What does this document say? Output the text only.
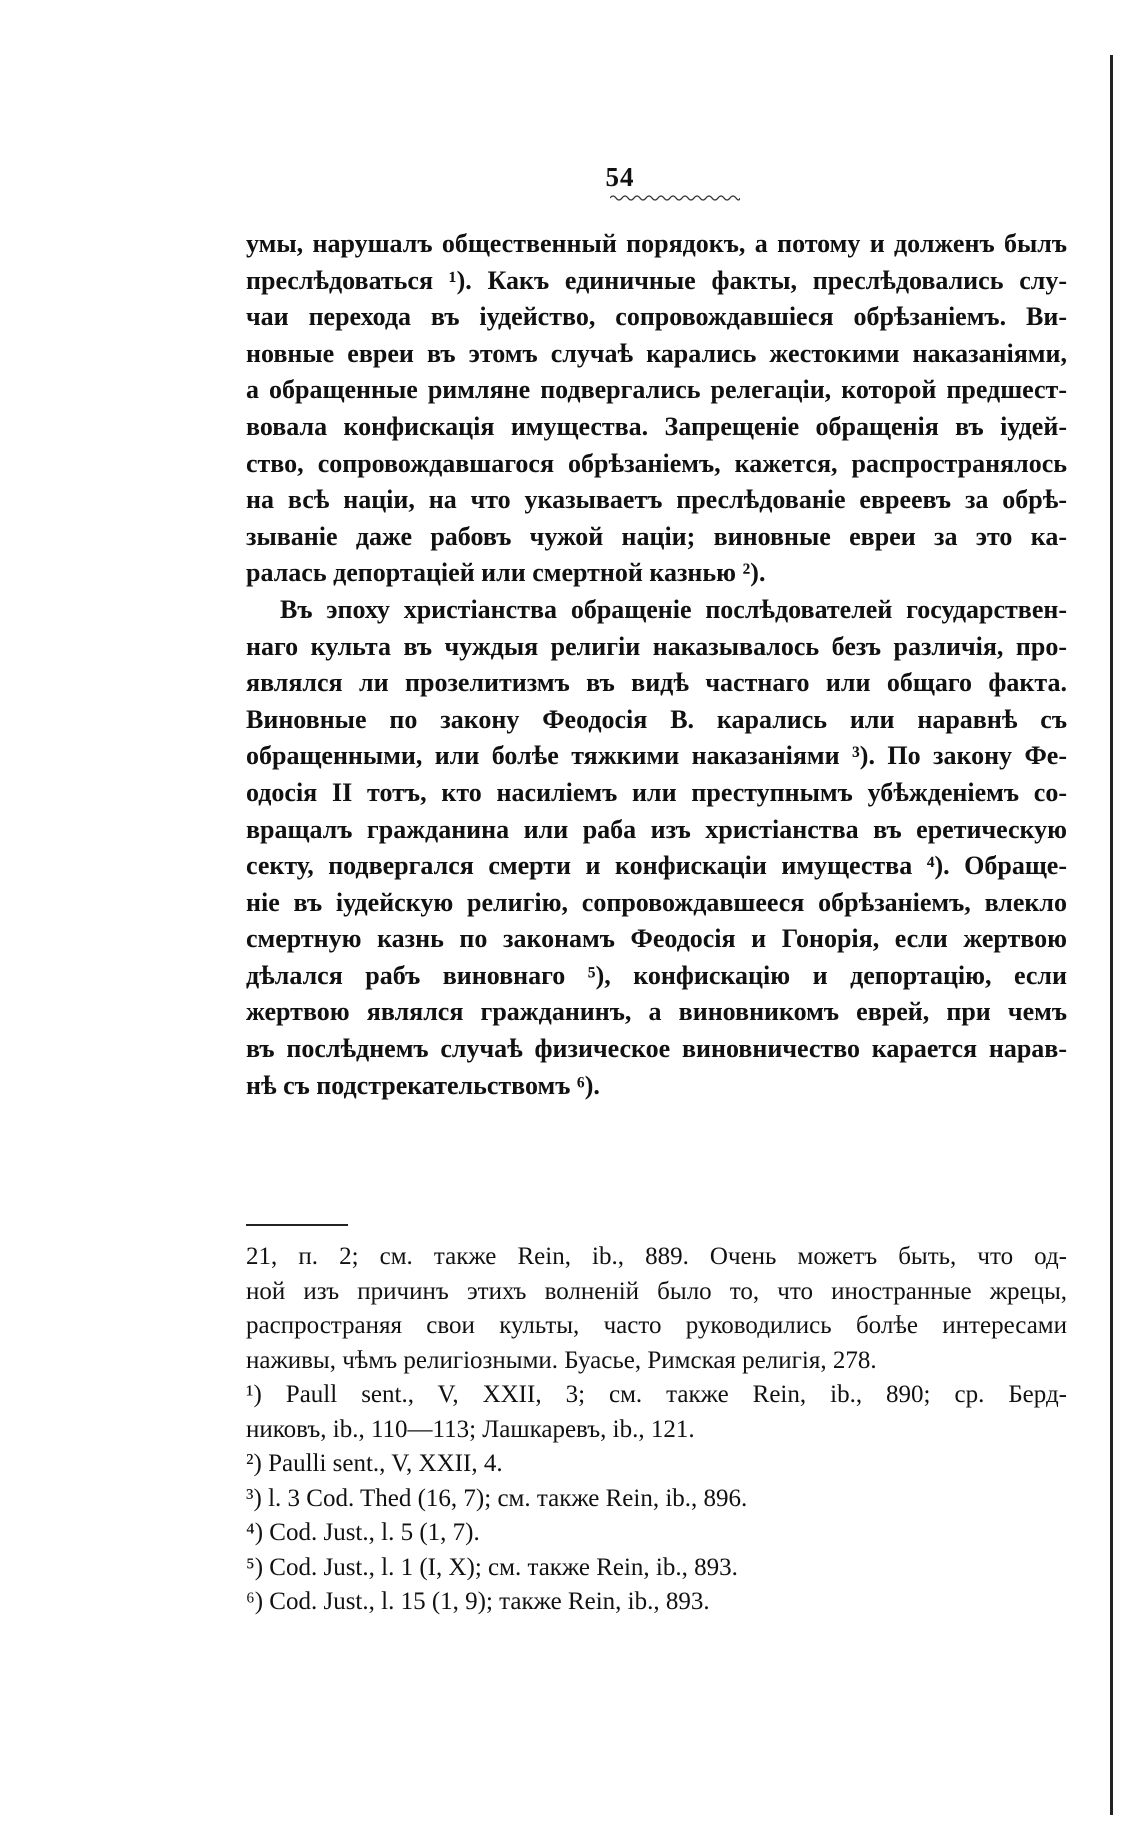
54
умы, нарушалъ общественный порядокъ, а потому и долженъ былъ
преслѣдоваться ¹). Какъ единичные факты, преслѣдовались слу-
чаи перехода въ іудейство, сопровождавшіеся обрѣзаніемъ. Ви-
новные евреи въ этомъ случаѣ карались жестокими наказаніями,
а обращенные римляне подвергались релегаціи, которой предшест-
вовала конфискація имущества. Запрещеніе обращенія въ іудей-
ство, сопровождавшагося обрѣзаніемъ, кажется, распространялось
на всѣ націи, на что указываетъ преслѣдованіе евреевъ за обрѣ-
зываніе даже рабовъ чужой націи; виновные евреи за это ка-
ралась депортаціей или смертной казнью ²).
Въ эпоху христіанства обращеніе послѣдователей государствен-
наго культа въ чуждыя религіи наказывалось безъ различія, про-
являлся ли прозелитизмъ въ видѣ частнаго или общаго факта.
Виновные по закону Феодосія В. карались или наравнѣ съ
обращенными, или болѣе тяжкими наказаніями ³). По закону Фе-
одосія II тотъ, кто насиліемъ или преступнымъ убѣжденіемъ со-
вращалъ гражданина или раба изъ христіанства въ еретическую
секту, подвергался смерти и конфискаціи имущества ⁴). Обраще-
ніе въ іудейскую религію, сопровождавшееся обрѣзаніемъ, влекло
смертную казнь по законамъ Феодосія и Гонорія, если жертвою
дѣлался рабъ виновнаго ⁵), конфискацію и депортацію, если
жертвою являлся гражданинъ, а виновникомъ еврей, при чемъ
въ послѣднемъ случаѣ физическое виновничество карается нарав-
нѣ съ подстрекательствомъ ⁶).
21, п. 2; см. также Rein, ib., 889. Очень можетъ быть, что од-
ной изъ причинъ этихъ волненій было то, что иностранные жрецы,
распространяя свои культы, часто руководились болѣе интересами
наживы, чѣмъ религіозными. Буасье, Римская религія, 278.
¹) Paull sent., V, XXII, 3; см. также Rein, ib., 890; ср. Берд-
никовъ, ib., 110—113; Лашкаревъ, ib., 121.
²) Paulli sent., V, XXII, 4.
³) l. 3 Cod. Thed (16, 7); см. также Rein, ib., 896.
⁴) Cod. Just., l. 5 (1, 7).
⁵) Cod. Just., l. 1 (I, X); см. также Rein, ib., 893.
⁶) Cod. Just., l. 15 (1, 9); также Rein, ib., 893.
